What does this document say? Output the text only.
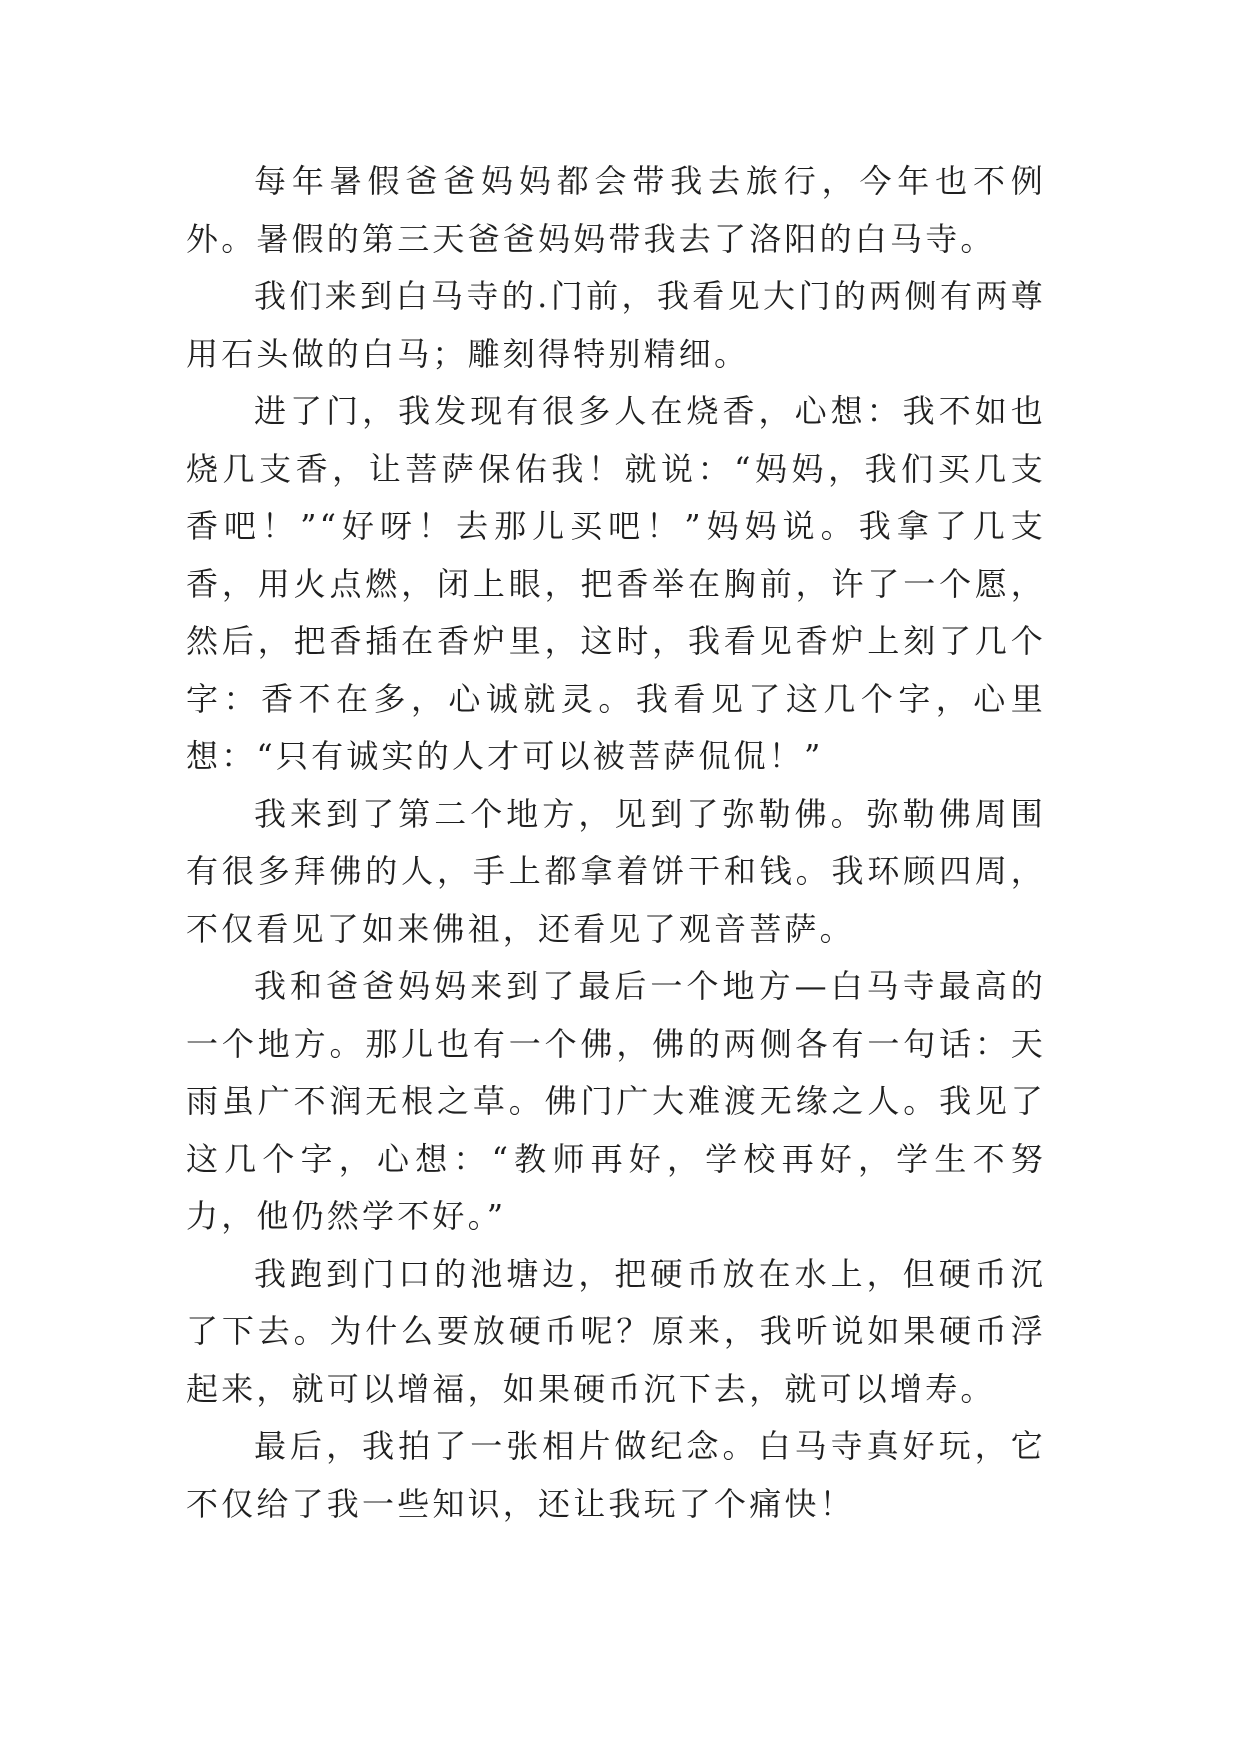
每年暑假爸爸妈妈都会带我去旅行，今年也不例外。暑假的第三天爸爸妈妈带我去了洛阳的白马寺。

我们来到白马寺的.门前，我看见大门的两侧有两尊用石头做的白马；雕刻得特别精细。

进了门，我发现有很多人在烧香，心想：我不如也烧几支香，让菩萨保佑我！就说：“妈妈，我们买几支香吧！”“好呀！去那儿买吧！”妈妈说。我拿了几支香，用火点燃，闭上眼，把香举在胸前，许了一个愿，然后，把香插在香炉里，这时，我看见香炉上刻了几个字：香不在多，心诚就灵。我看见了这几个字，心里想：“只有诚实的人才可以被菩萨侃侃！”

我来到了第二个地方，见到了弥勒佛。弥勒佛周围有很多拜佛的人，手上都拿着饼干和钱。我环顾四周，不仅看见了如来佛祖，还看见了观音菩萨。

我和爸爸妈妈来到了最后一个地方—白马寺最高的一个地方。那儿也有一个佛，佛的两侧各有一句话：天雨虽广不润无根之草。佛门广大难渡无缘之人。我见了这几个字，心想：“教师再好，学校再好，学生不努力，他仍然学不好。”

我跑到门口的池塘边，把硬币放在水上，但硬币沉了下去。为什么要放硬币呢？原来，我听说如果硬币浮起来，就可以增福，如果硬币沉下去，就可以增寿。

最后，我拍了一张相片做纪念。白马寺真好玩，它不仅给了我一些知识，还让我玩了个痛快！
